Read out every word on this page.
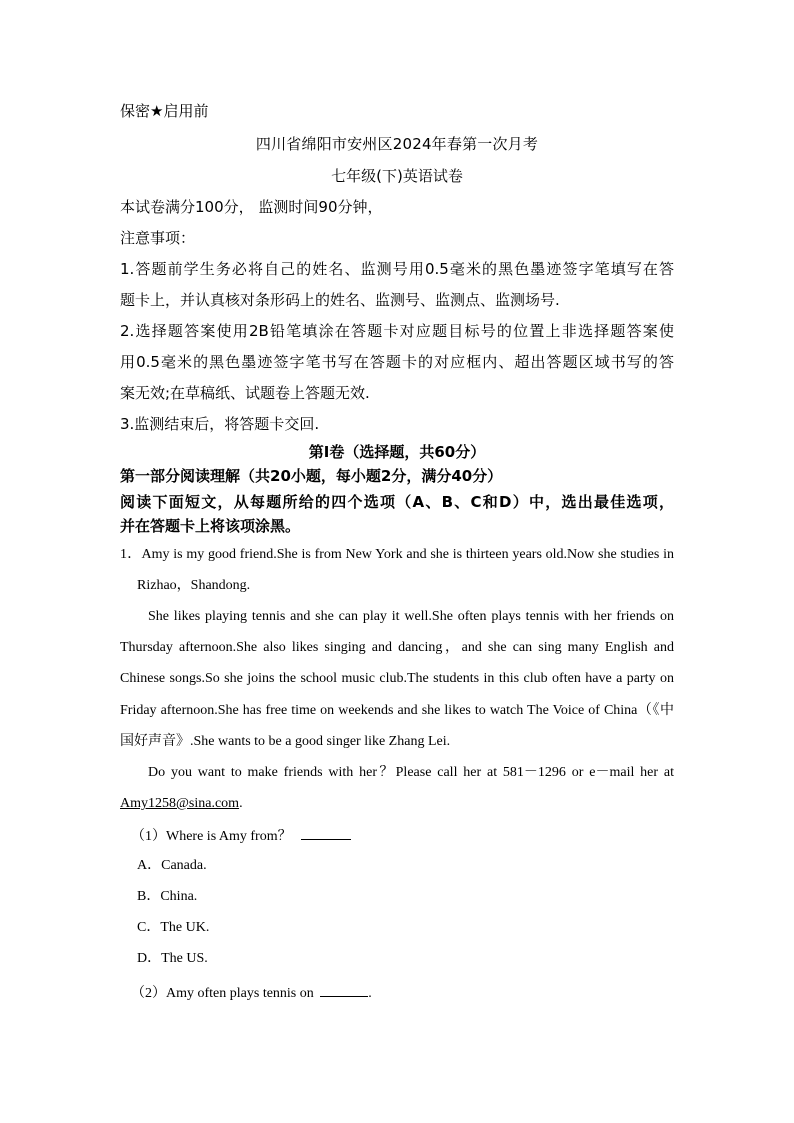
保密★启用前
四川省绵阳市安州区2024年春第一次月考
七年级(下)英语试卷
本试卷满分100分， 监测时间90分钟，
注意事项：
1.答题前学生务必将自己的姓名、监测号用0.5毫米的黑色墨迹签字笔填写在答
题卡上，并认真核对条形码上的姓名、监测号、监测点、监测场号.
2.选择题答案使用2B铅笔填涂在答题卡对应题目标号的位置上非选择题答案使
用0.5毫米的黑色墨迹签字笔书写在答题卡的对应框内、超出答题区域书写的答
案无效;在草稿纸、试题卷上答题无效.
3.监测结束后，将答题卡交回.
第Ⅰ卷（选择题，共60分）
第一部分阅读理解（共20小题，每小题2分，满分40分）
阅读下面短文，从每题所给的四个选项（A、B、C和D）中，选出最佳选项，
并在答题卡上将该项涂黑。
1．Amy is my good friend.She is from New York and she is thirteen years old.Now she studies in
Rizhao，Shandong.
She likes playing tennis and she can play it well.She often plays tennis with her friends on
Thursday afternoon.She also likes singing and dancing，and she can sing many English and
Chinese songs.So she joins the school music club.The students in this club often have a party on
Friday afternoon.She has free time on weekends and she likes to watch The Voice of China（《中
国好声音》.She wants to be a good singer like Zhang Lei.
Do you want to make friends with her？Please call her at 581－1296 or e－mail her at
Amy1258@sina.com.
（1）Where is Amy from？
A．Canada.
B．China.
C．The UK.
D．The US.
（2）Amy often plays tennis on	.
